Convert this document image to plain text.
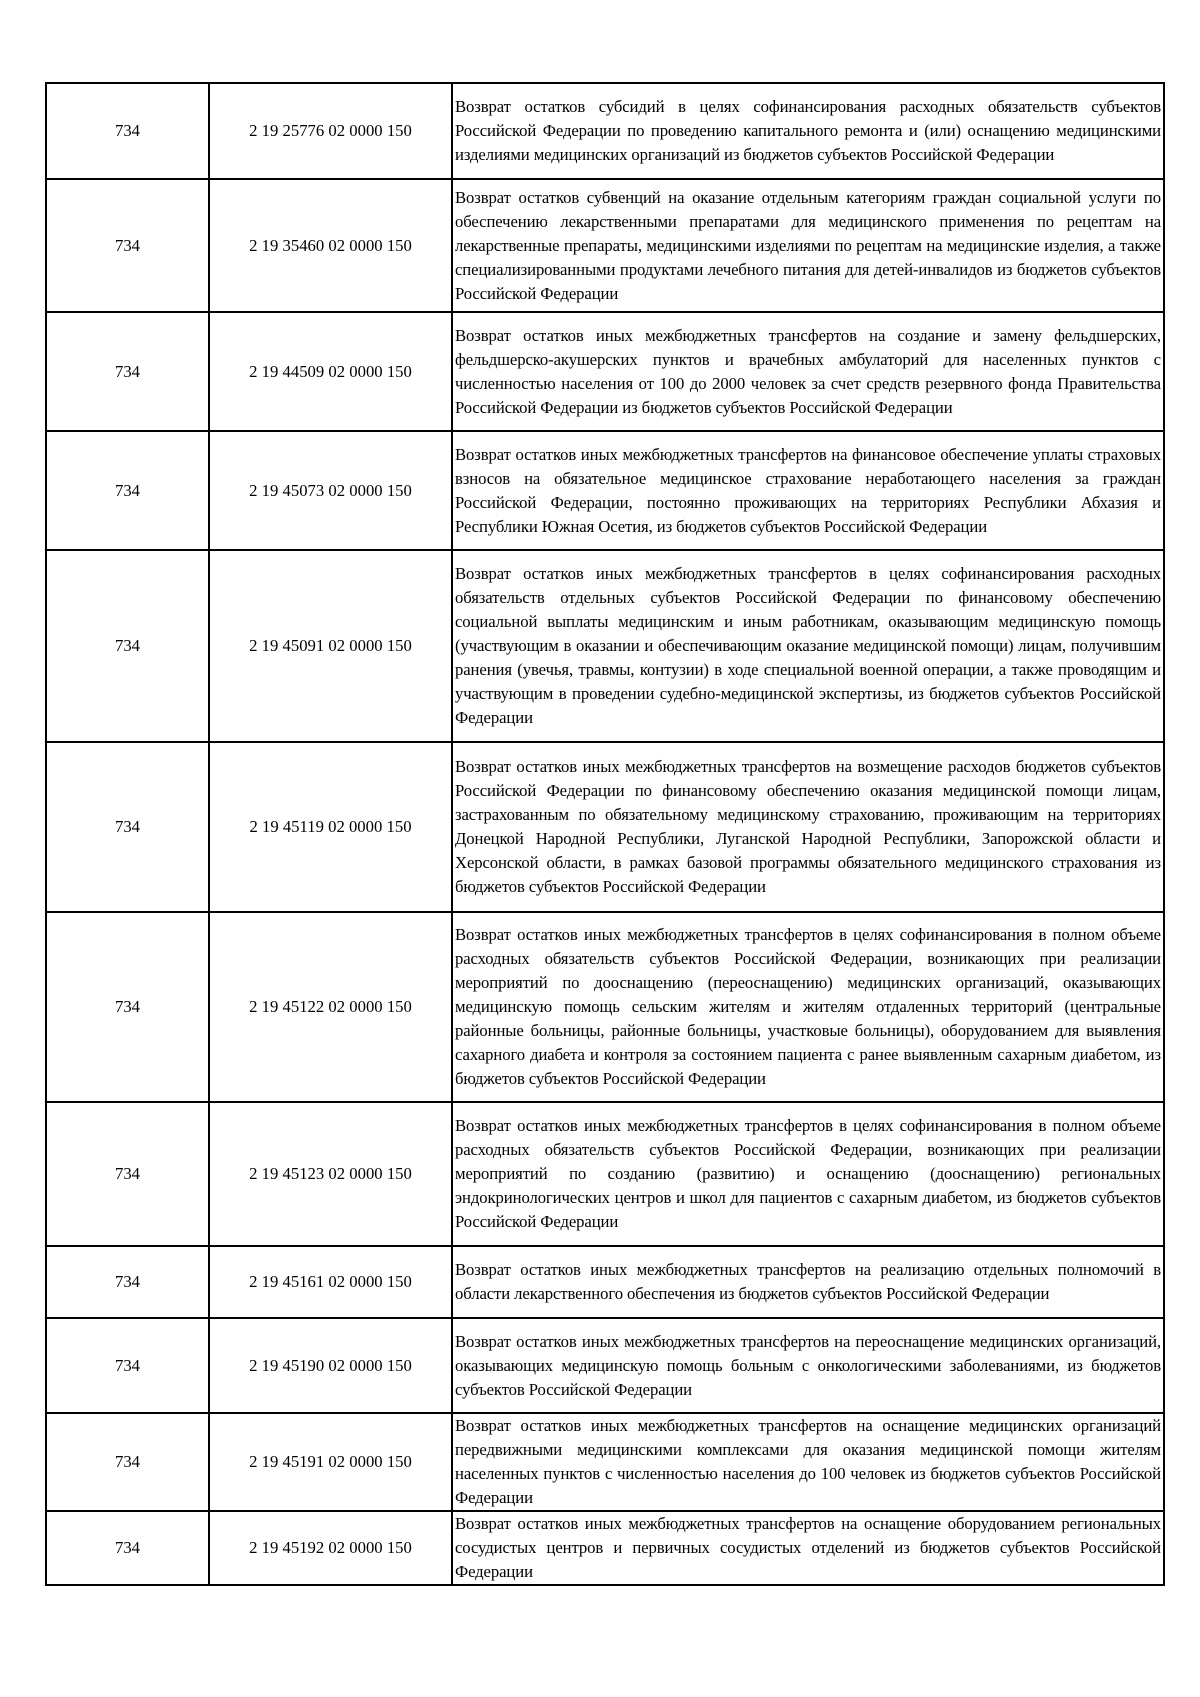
734	2 19 25776 02 0000 150	Возврат остатков субсидий в целях софинансирования расходных обязательств субъектов Российской Федерации по проведению капитального ремонта и (или) оснащению медицинскими изделиями медицинских организаций из бюджетов субъектов Российской Федерации
734	2 19 35460 02 0000 150	Возврат остатков субвенций на оказание отдельным категориям граждан социальной услуги по обеспечению лекарственными препаратами для медицинского применения по рецептам на лекарственные препараты, медицинскими изделиями по рецептам на медицинские изделия, а также специализированными продуктами лечебного питания для детей-инвалидов из бюджетов субъектов Российской Федерации
734	2 19 44509 02 0000 150	Возврат остатков иных межбюджетных трансфертов на создание и замену фельдшерских, фельдшерско-акушерских пунктов и врачебных амбулаторий для населенных пунктов с численностью населения от 100 до 2000 человек за счет средств резервного фонда Правительства Российской Федерации из бюджетов субъектов Российской Федерации
734	2 19 45073 02 0000 150	Возврат остатков иных межбюджетных трансфертов на финансовое обеспечение уплаты страховых взносов на обязательное медицинское страхование неработающего населения за граждан Российской Федерации, постоянно проживающих на территориях Республики Абхазия и Республики Южная Осетия, из бюджетов субъектов Российской Федерации
734	2 19 45091 02 0000 150	Возврат остатков иных межбюджетных трансфертов в целях софинансирования расходных обязательств отдельных субъектов Российской Федерации по финансовому обеспечению социальной выплаты медицинским и иным работникам, оказывающим медицинскую помощь (участвующим в оказании и обеспечивающим оказание медицинской помощи) лицам, получившим ранения (увечья, травмы, контузии) в ходе специальной военной операции, а также проводящим и участвующим в проведении судебно-медицинской экспертизы, из бюджетов субъектов Российской Федерации
734	2 19 45119 02 0000 150	Возврат остатков иных межбюджетных трансфертов на возмещение расходов бюджетов субъектов Российской Федерации по финансовому обеспечению оказания медицинской помощи лицам, застрахованным по обязательному медицинскому страхованию, проживающим на территориях Донецкой Народной Республики, Луганской Народной Республики, Запорожской области и Херсонской области, в рамках базовой программы обязательного медицинского страхования из бюджетов субъектов Российской Федерации
734	2 19 45122 02 0000 150	Возврат остатков иных межбюджетных трансфертов в целях софинансирования в полном объеме расходных обязательств субъектов Российской Федерации, возникающих при реализации мероприятий по дооснащению (переоснащению) медицинских организаций, оказывающих медицинскую помощь сельским жителям и жителям отдаленных территорий (центральные районные больницы, районные больницы, участковые больницы), оборудованием для выявления сахарного диабета и контроля за состоянием пациента с ранее выявленным сахарным диабетом, из бюджетов субъектов Российской Федерации
734	2 19 45123 02 0000 150	Возврат остатков иных межбюджетных трансфертов в целях софинансирования в полном объеме расходных обязательств субъектов Российской Федерации, возникающих при реализации мероприятий по созданию (развитию) и оснащению (дооснащению) региональных эндокринологических центров и школ для пациентов с сахарным диабетом, из бюджетов субъектов Российской Федерации
734	2 19 45161 02 0000 150	Возврат остатков иных межбюджетных трансфертов на реализацию отдельных полномочий в области лекарственного обеспечения из бюджетов субъектов Российской Федерации
734	2 19 45190 02 0000 150	Возврат остатков иных межбюджетных трансфертов на переоснащение медицинских организаций, оказывающих медицинскую помощь больным с онкологическими заболеваниями, из бюджетов субъектов Российской Федерации
734	2 19 45191 02 0000 150	Возврат остатков иных межбюджетных трансфертов на оснащение медицинских организаций передвижными медицинскими комплексами для оказания медицинской помощи жителям населенных пунктов с численностью населения до 100 человек из бюджетов субъектов Российской Федерации
734	2 19 45192 02 0000 150	Возврат остатков иных межбюджетных трансфертов на оснащение оборудованием региональных сосудистых центров и первичных сосудистых отделений из бюджетов субъектов Российской Федерации
